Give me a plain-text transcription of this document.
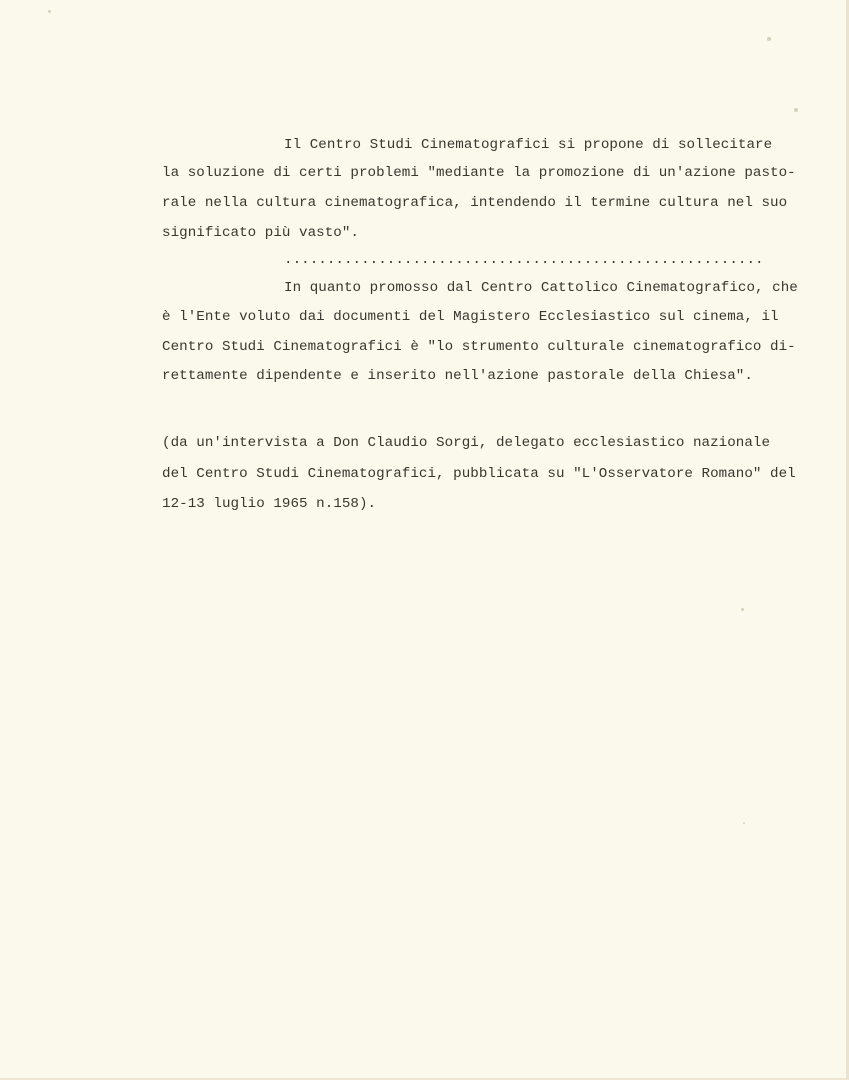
Il Centro Studi Cinematografici si propone di sollecitare
la soluzione di certi problemi "mediante la promozione di un'azione pasto-
rale nella cultura cinematografica, intendendo il termine cultura nel suo
significato più vasto".
........................................................
In quanto promosso dal Centro Cattolico Cinematografico, che
è l'Ente voluto dai documenti del Magistero Ecclesiastico sul cinema, il
Centro Studi Cinematografici è "lo strumento culturale cinematografico di-
rettamente dipendente e inserito nell'azione pastorale della Chiesa".
(da un'intervista a Don Claudio Sorgi, delegato ecclesiastico nazionale
del Centro Studi Cinematografici, pubblicata su "L'Osservatore Romano" del
12-13 luglio 1965 n.158).
